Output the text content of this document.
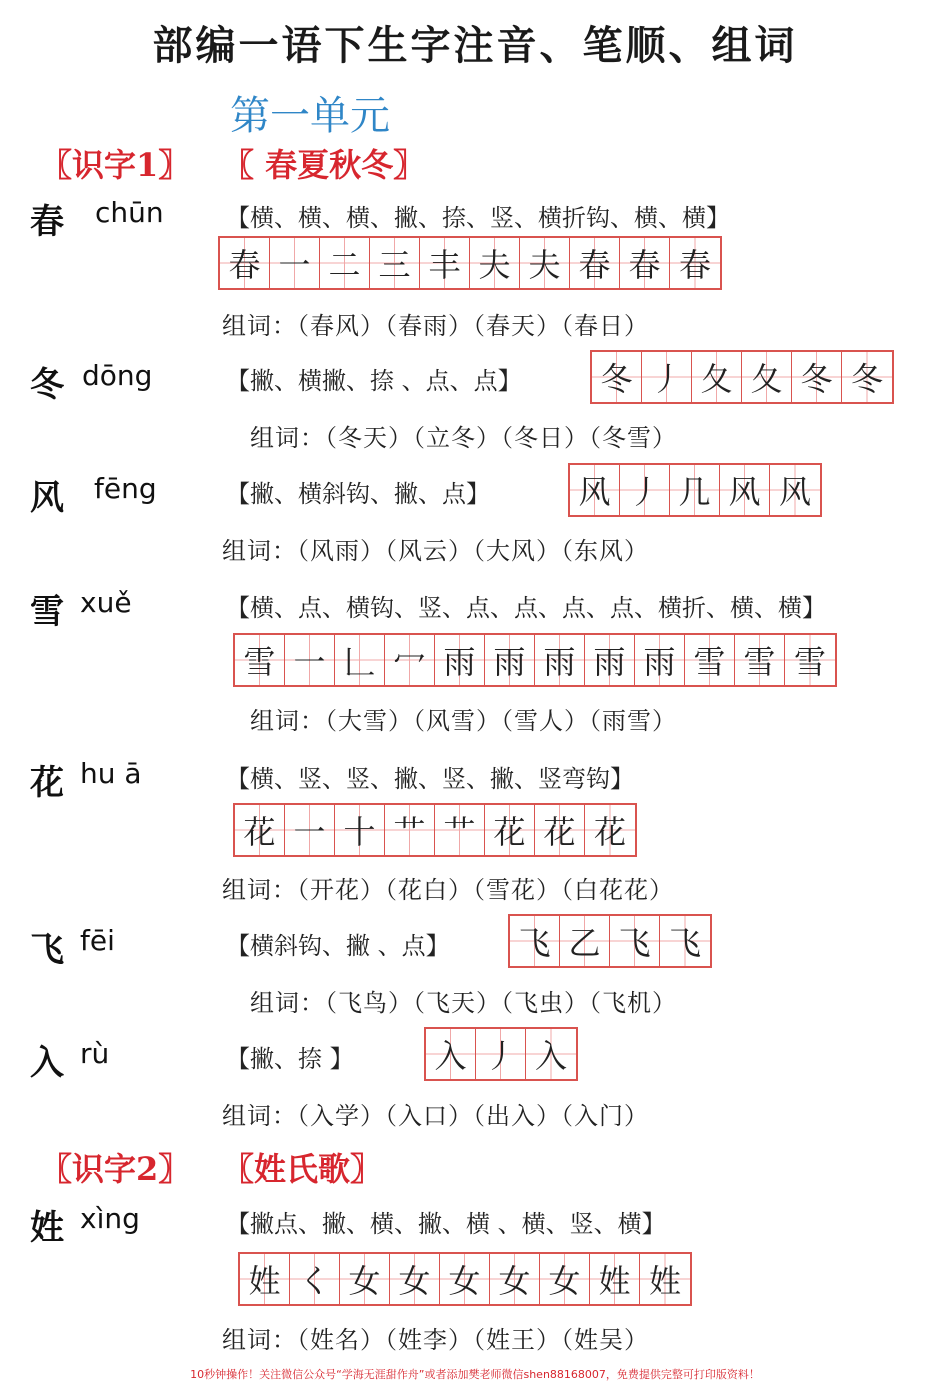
部编一语下生字注音、笔顺、组词
第一单元
〖识字1〗 〖 春夏秋冬〗
春 chūn	【横、横、横、撇、捺、竖、横折钩、横、横】
春 一 二 三 丰 夫 夫 春 春 春
组词：（春风）（春雨）（春天）（春日）
冬 dōng	【撇、横撇、捺 、点、点】 冬 丿 夂 夂 冬 冬
组词：（冬天）（立冬）（冬日）（冬雪）
风 fēng	【撇、横斜钩、撇、点】	风 丿 几 风 风
组词：（风雨）（风云）（大风）（东风）
雪 xuě	【横、点、横钩、竖、点、点、点、点、横折、横、横】
雪 一 𠃊 冖 雨 雨 雨 雨 雨 雪 雪 雪
组词：（大雪）（风雪）（雪人）（雨雪）
花 hu ā	【横、竖、竖、撇、竖、撇、竖弯钩】
花 一 十 艹 艹 花 花 花
组词：（开花）（花白）（雪花）（白花花）
飞 fēi	【横斜钩、撇 、点】 飞 乙 飞 飞
组词：（飞鸟）（飞天）（飞虫）（飞机）
入 rù	【撇、捺 】	入 丿 入
组词：（入学）（入口）（出入）（入门）
〖识字2〗 〖姓氏歌〗
姓 xìng	【撇点、撇、横、撇、横 、横、竖、横】
姓 く 女 女 女 女 女 姓 姓
组词：（姓名）（姓李）（姓王）（姓吴）
10秒钟操作！关注微信公众号“学海无涯甜作舟”或者添加樊老师微信shen88168007，免费提供完整可打印版资料！
